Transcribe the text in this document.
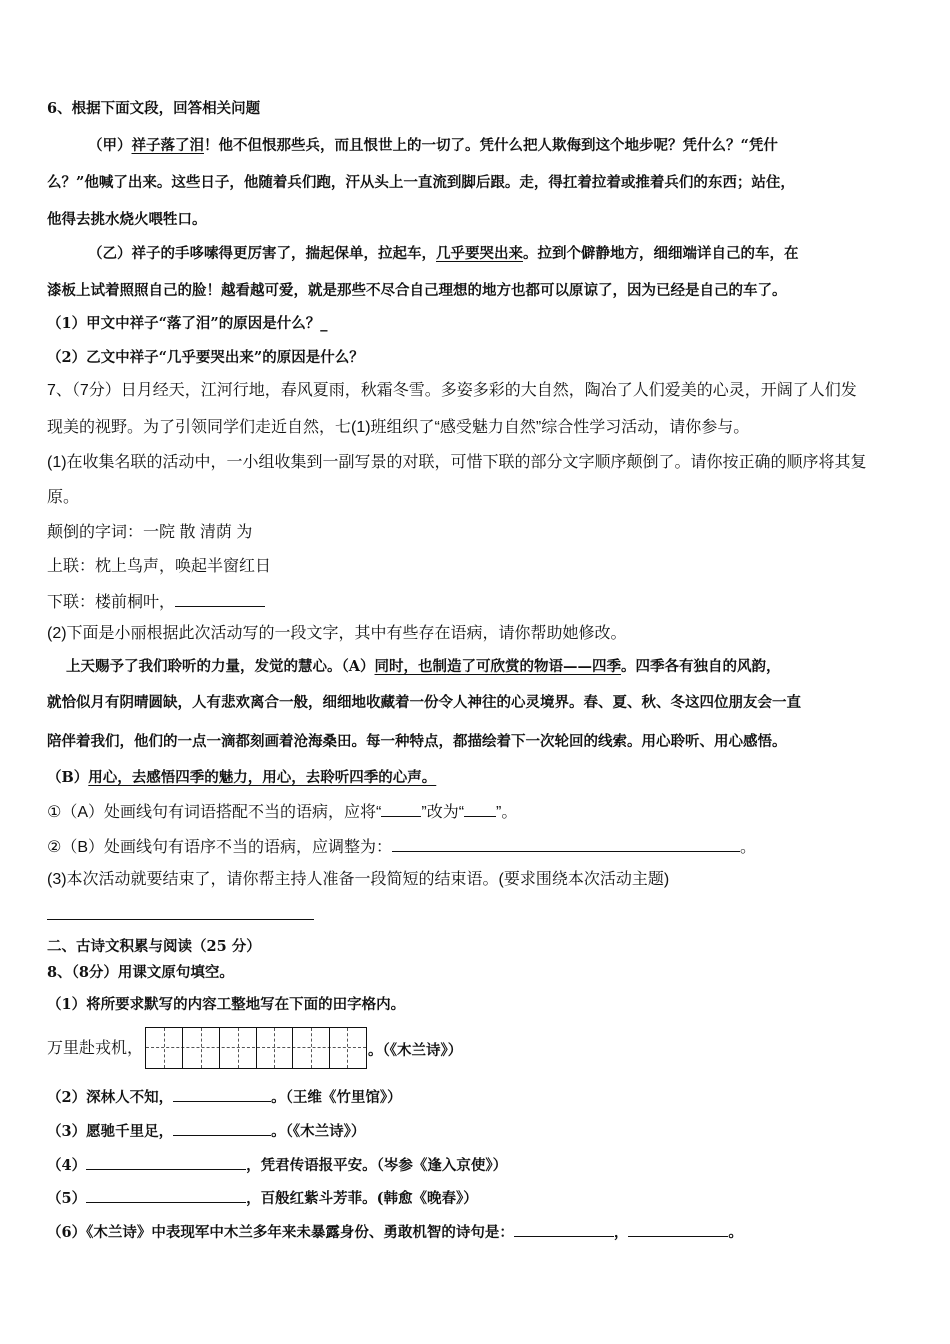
6、根据下面文段，回答相关问题
（甲）祥子落了泪！他不但恨那些兵，而且恨世上的一切了。凭什么把人欺侮到这个地步呢？凭什么？“凭什
么？”他喊了出来。这些日子，他随着兵们跑，汗从头上一直流到脚后跟。走，得扛着拉着或推着兵们的东西；站住，
他得去挑水烧火喂牲口。
（乙）祥子的手哆嗦得更厉害了，揣起保单，拉起车，几乎要哭出来。拉到个僻静地方，细细端详自己的车，在
漆板上试着照照自己的脸！越看越可爱，就是那些不尽合自己理想的地方也都可以原谅了，因为已经是自己的车了。
（1）甲文中祥子“落了泪”的原因是什么？_
（2）乙文中祥子“几乎要哭出来”的原因是什么？
7、（7分）日月经天，江河行地，春风夏雨，秋霜冬雪。多姿多彩的大自然，陶冶了人们爱美的心灵，开阔了人们发
现美的视野。为了引领同学们走近自然，七(1)班组织了“感受魅力自然”综合性学习活动，请你参与。
(1)在收集名联的活动中，一小组收集到一副写景的对联，可惜下联的部分文字顺序颠倒了。请你按正确的顺序将其复
原。
颠倒的字词：一院 散 清荫 为
上联：枕上鸟声，唤起半窗红日
下联：楼前桐叶，
(2)下面是小丽根据此次活动写的一段文字，其中有些存在语病，请你帮助她修改。
上天赐予了我们聆听的力量，发觉的慧心。（A）同时，也制造了可欣赏的物语——四季。四季各有独自的风韵，
就恰似月有阴晴圆缺，人有悲欢离合一般，细细地收藏着一份令人神往的心灵境界。春、夏、秋、冬这四位朋友会一直
陪伴着我们，他们的一点一滴都刻画着沧海桑田。每一种特点，都描绘着下一次轮回的线索。用心聆听、用心感悟。
（B）用心，去感悟四季的魅力，用心，去聆听四季的心声。
①（A）处画线句有词语搭配不当的语病，应将“	”改为“ ”。
②（B）处画线句有语序不当的语病，应调整为：	。
(3)本次活动就要结束了，请你帮主持人准备一段简短的结束语。(要求围绕本次活动主题)
二、古诗文积累与阅读（25 分）
8、（8分）用课文原句填空。
（1）将所要求默写的内容工整地写在下面的田字格内。
万里赴戎机，	。（《木兰诗》）
（2）深林人不知，	。（王维《竹里馆》）
（3）愿驰千里足，	。（《木兰诗》）
（4）	，凭君传语报平安。（岑参《逢入京使》）
（5）	，百般红紫斗芳菲。(韩愈《晚春》）
（6）《木兰诗》中表现军中木兰多年来未暴露身份、勇敢机智的诗句是：	，	。
